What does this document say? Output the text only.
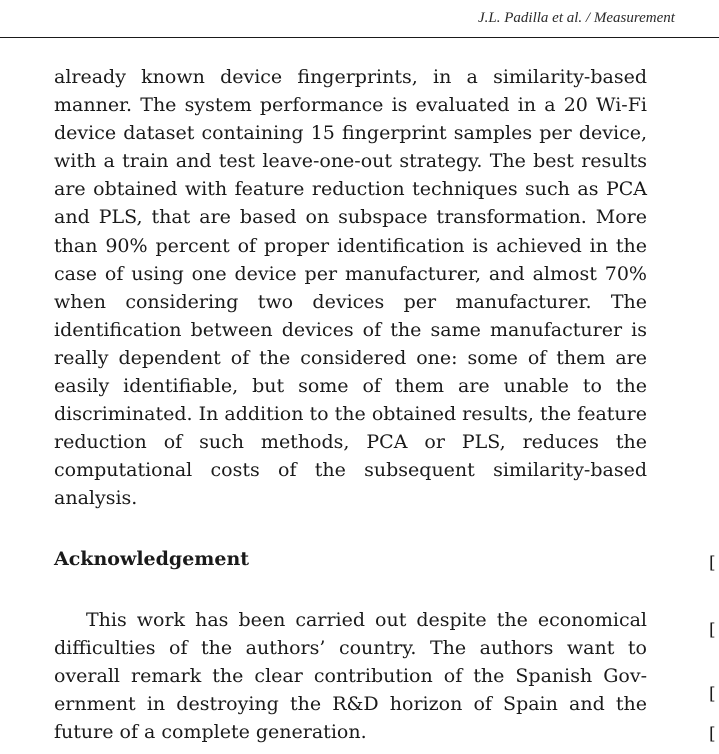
J.L. Padilla et al. / Measurement

already known device fingerprints, in a similarity-based manner. The system performance is evaluated in a 20 Wi-Fi device dataset containing 15 fingerprint samples per device, with a train and test leave-one-out strategy. The best results are obtained with feature reduction techniques such as PCA and PLS, that are based on subspace transformation. More than 90% percent of proper identification is achieved in the case of using one device per manufacturer, and almost 70% when considering two devices per manufacturer. The identification between devices of the same manufacturer is really dependent of the considered one: some of them are easily identifiable, but some of them are unable to the discriminated. In addition to the obtained results, the feature reduction of such methods, PCA or PLS, reduces the computational costs of the subsequent similarity-based analysis.

Acknowledgement

This work has been carried out despite the economical difficulties of the authors’ country. The authors want to overall remark the clear contribution of the Spanish Government in destroying the R&D horizon of Spain and the future of a complete generation.

[
[
[
[
